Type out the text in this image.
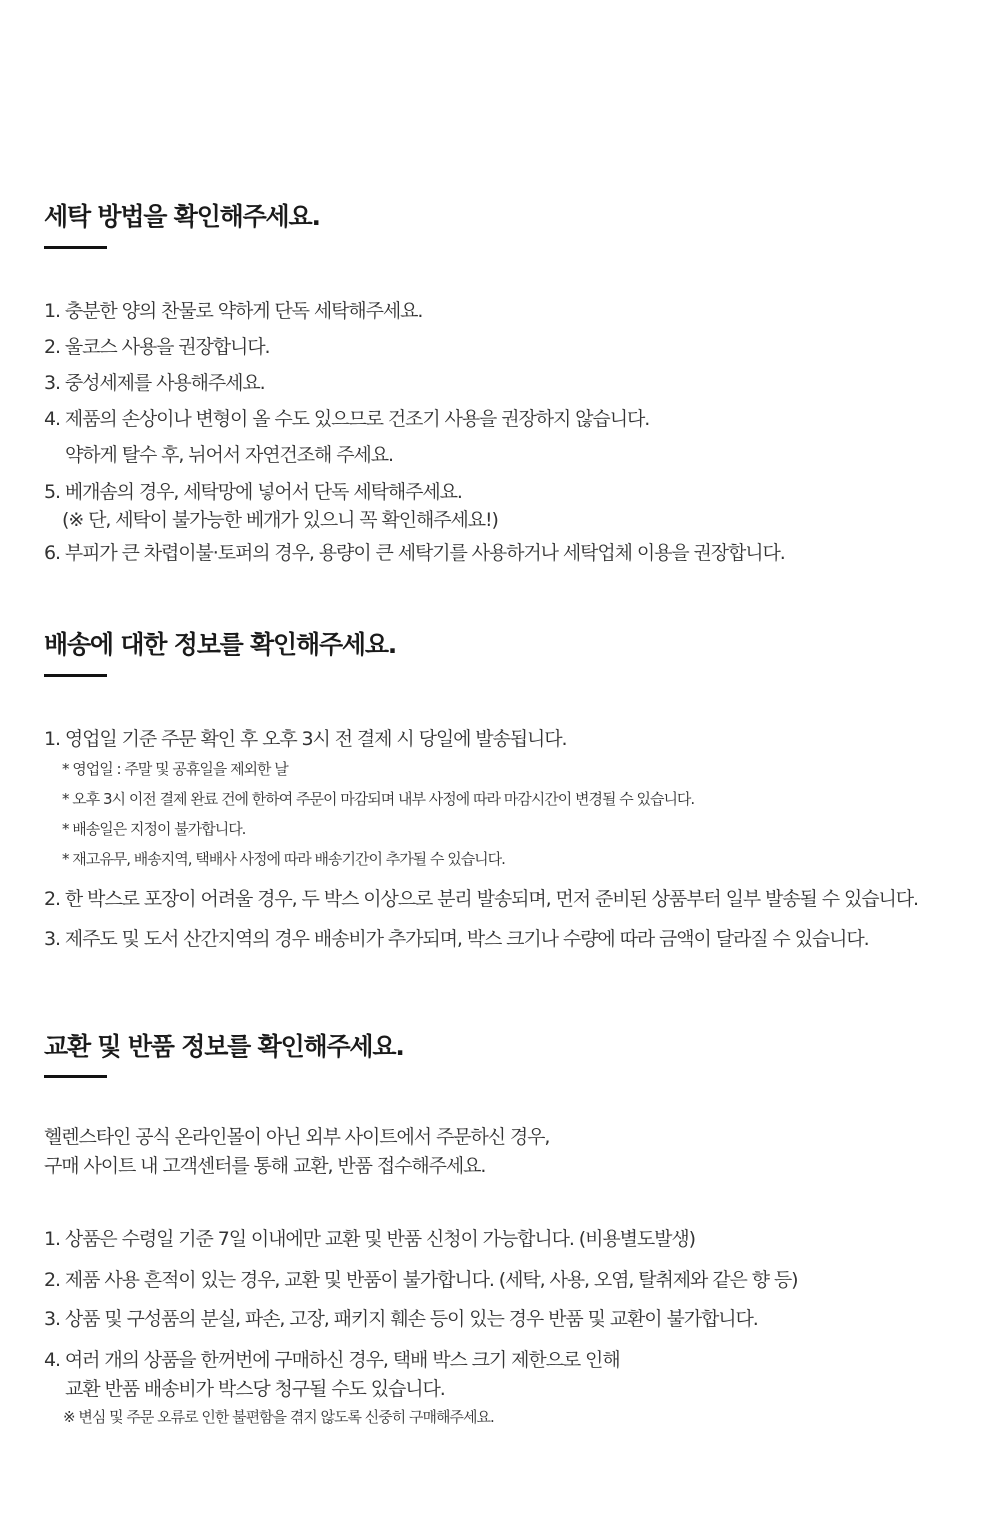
세탁 방법을 확인해주세요.

1. 충분한 양의 찬물로 약하게 단독 세탁해주세요.

2. 울코스 사용을 권장합니다.

3. 중성세제를 사용해주세요.

4. 제품의 손상이나 변형이 올 수도 있으므로 건조기 사용을 권장하지 않습니다.

약하게 탈수 후, 뉘어서 자연건조해 주세요.

5. 베개솜의 경우, 세탁망에 넣어서 단독 세탁해주세요.

(※ 단, 세탁이 불가능한 베개가 있으니 꼭 확인해주세요!)

6. 부피가 큰 차렵이불·토퍼의 경우, 용량이 큰 세탁기를 사용하거나 세탁업체 이용을 권장합니다.

배송에 대한 정보를 확인해주세요.

1. 영업일 기준 주문 확인 후 오후 3시 전 결제 시 당일에 발송됩니다.

* 영업일 : 주말 및 공휴일을 제외한 날

* 오후 3시 이전 결제 완료 건에 한하여 주문이 마감되며 내부 사정에 따라 마감시간이 변경될 수 있습니다.

* 배송일은 지정이 불가합니다.

* 재고유무, 배송지역, 택배사 사정에 따라 배송기간이 추가될 수 있습니다.

2. 한 박스로 포장이 어려울 경우, 두 박스 이상으로 분리 발송되며, 먼저 준비된 상품부터 일부 발송될 수 있습니다.

3. 제주도 및 도서 산간지역의 경우 배송비가 추가되며, 박스 크기나 수량에 따라 금액이 달라질 수 있습니다.

교환 및 반품 정보를 확인해주세요.
헬렌스타인 공식 온라인몰이 아닌 외부 사이트에서 주문하신 경우,
구매 사이트 내 고객센터를 통해 교환, 반품 접수해주세요.

1. 상품은 수령일 기준 7일 이내에만 교환 및 반품 신청이 가능합니다. (비용별도발생)

2. 제품 사용 흔적이 있는 경우, 교환 및 반품이 불가합니다. (세탁, 사용, 오염, 탈취제와 같은 향 등)

3. 상품 및 구성품의 분실, 파손, 고장, 패키지 훼손 등이 있는 경우 반품 및 교환이 불가합니다.

4. 여러 개의 상품을 한꺼번에 구매하신 경우, 택배 박스 크기 제한으로 인해

교환 반품 배송비가 박스당 청구될 수도 있습니다.

※ 변심 및 주문 오류로 인한 불편함을 겪지 않도록 신중히 구매해주세요.
